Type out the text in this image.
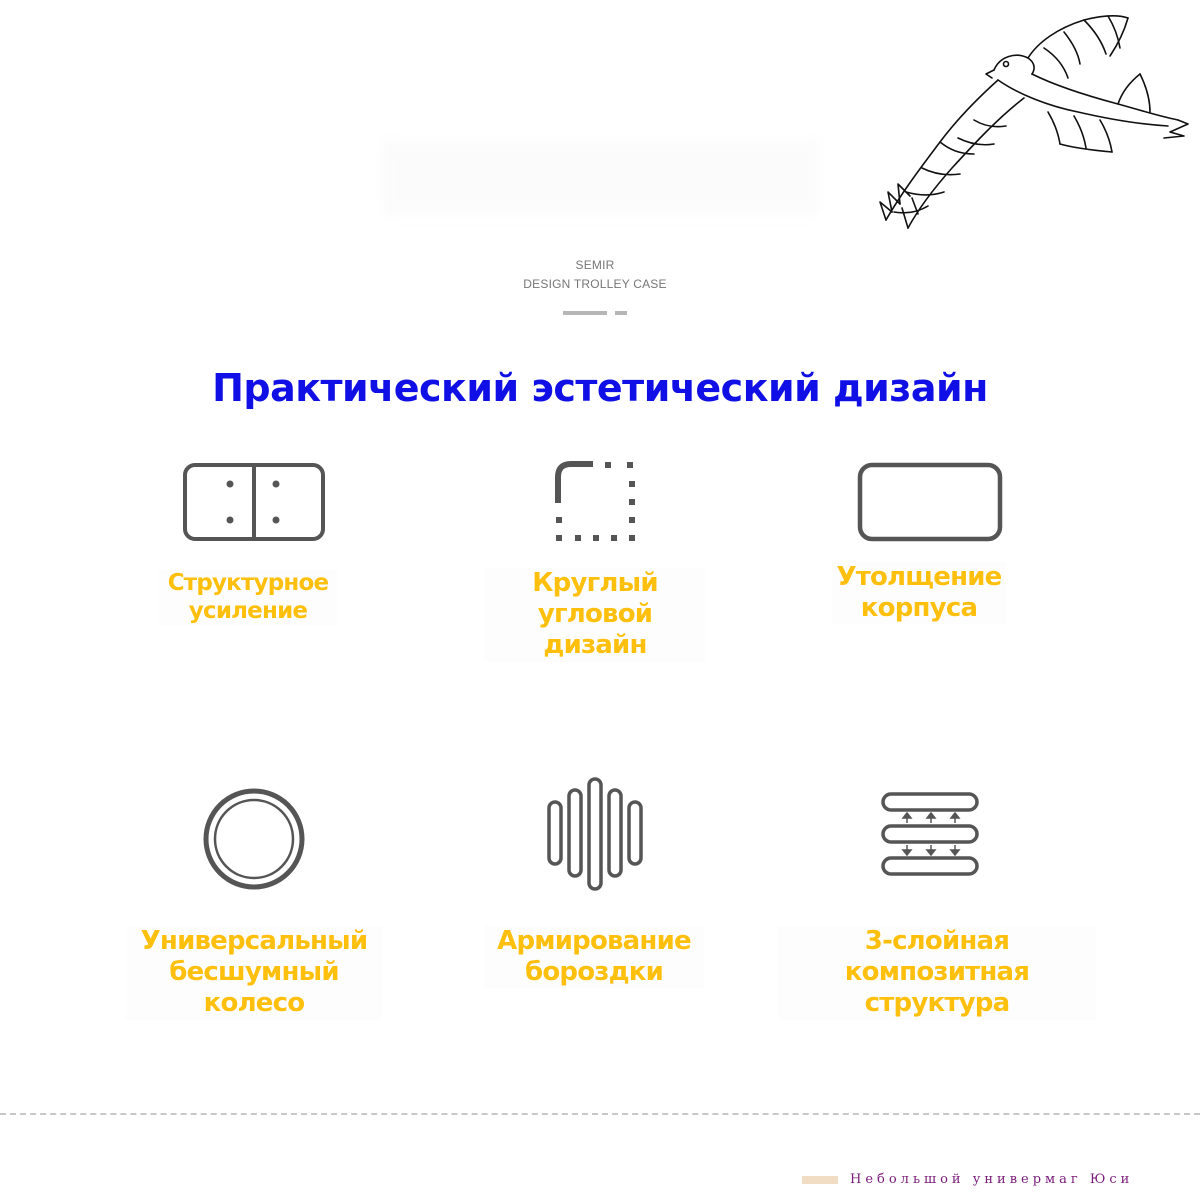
SEMIR
DESIGN TROLLEY CASE
Практический эстетический дизайн
Структурное
усиление
Круглый угловой
дизайн
Утолщение
корпуса
Универсальный
бесшумный колесо
Армирование
бороздки
3-слойная композитная
структура
Небольшой универмаг Юси
